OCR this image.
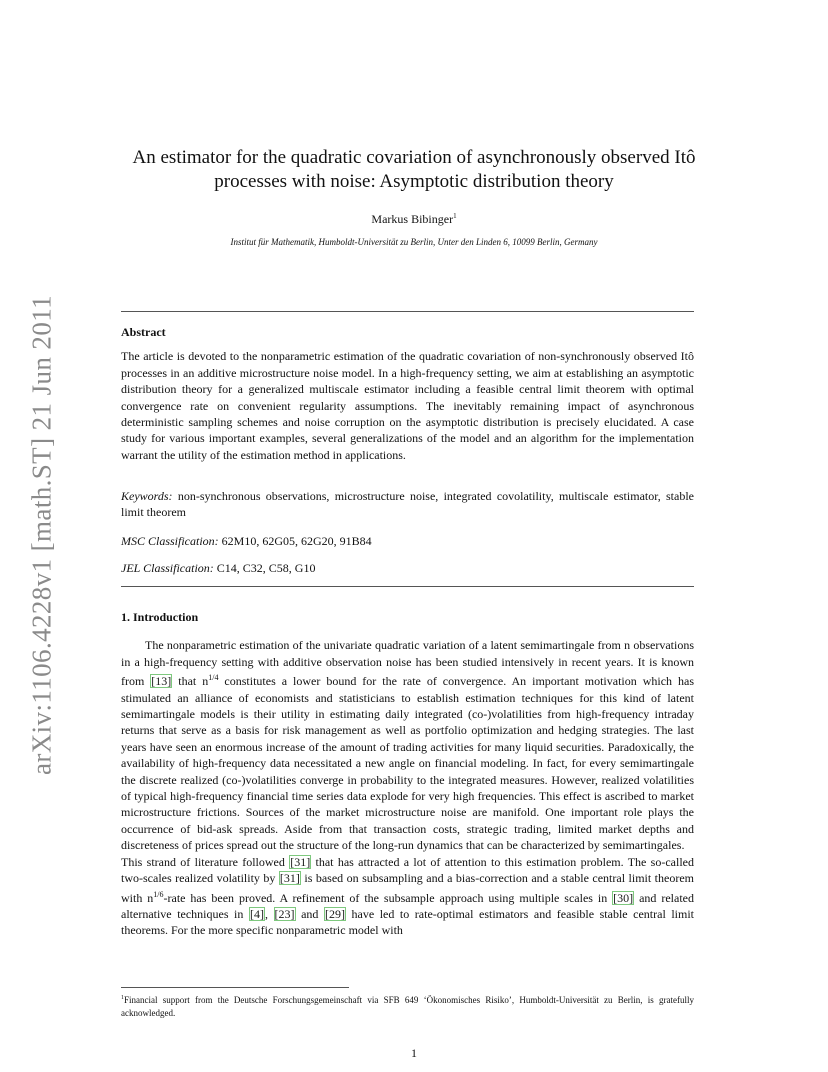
arXiv:1106.4228v1 [math.ST] 21 Jun 2011
An estimator for the quadratic covariation of asynchronously observed Itô
processes with noise: Asymptotic distribution theory
Markus Bibinger$^1$
Institut für Mathematik, Humboldt-Universität zu Berlin, Unter den Linden 6, 10099 Berlin, Germany
Abstract
The article is devoted to the nonparametric estimation of the quadratic covariation of non-synchronously observed Itô processes in an additive microstructure noise model. In a high-frequency setting, we aim at establishing an asymptotic distribution theory for a generalized multiscale estimator including a feasible central limit theorem with optimal convergence rate on convenient regularity assumptions. The inevitably remaining impact of asynchronous deterministic sampling schemes and noise corruption on the asymptotic distribution is precisely elucidated. A case study for various important examples, several generalizations of the model and an algorithm for the implementation warrant the utility of the estimation method in applications.
Keywords: non-synchronous observations, microstructure noise, integrated covolatility, multiscale estimator, stable limit theorem
MSC Classification: 62M10, 62G05, 62G20, 91B84
JEL Classification: C14, C32, C58, G10
1. Introduction

The nonparametric estimation of the univariate quadratic variation of a latent semimartingale from n observations in a high-frequency setting with additive observation noise has been studied intensively in recent years. It is known from [13] that $n^{1/4}$ constitutes a lower bound for the rate of convergence. An important motivation which has stimulated an alliance of economists and statisticians to establish estimation techniques for this kind of latent semimartingale models is their utility in estimating daily integrated (co-)volatilities from high-frequency intraday returns that serve as a basis for risk management as well as portfolio optimization and hedging strategies. The last years have seen an enormous increase of the amount of trading activities for many liquid securities. Paradoxically, the availability of high-frequency data necessitated a new angle on financial modeling. In fact, for every semimartingale the discrete realized (co-)volatilities converge in probability to the integrated measures. However, realized volatilities of typical high-frequency financial time series data explode for very high frequencies. This effect is ascribed to market microstructure frictions. Sources of the market microstructure noise are manifold. One important role plays the occurrence of bid-ask spreads. Aside from that transaction costs, strategic trading, limited market depths and discreteness of prices spread out the structure of the long-run dynamics that can be characterized by semimartingales.

This strand of literature followed [31] that has attracted a lot of attention to this estimation problem. The so-called two-scales realized volatility by [31] is based on subsampling and a bias-correction and a stable central limit theorem with $n^{1/6}$-rate has been proved. A refinement of the subsample approach using multiple scales in [30] and related alternative techniques in [4], [23] and [29] have led to rate-optimal estimators and feasible stable central limit theorems. For the more specific nonparametric model with

$^1$Financial support from the Deutsche Forschungsgemeinschaft via SFB 649 ‘Ökonomisches Risiko’, Humboldt-Universität zu Berlin, is gratefully acknowledged.
1
